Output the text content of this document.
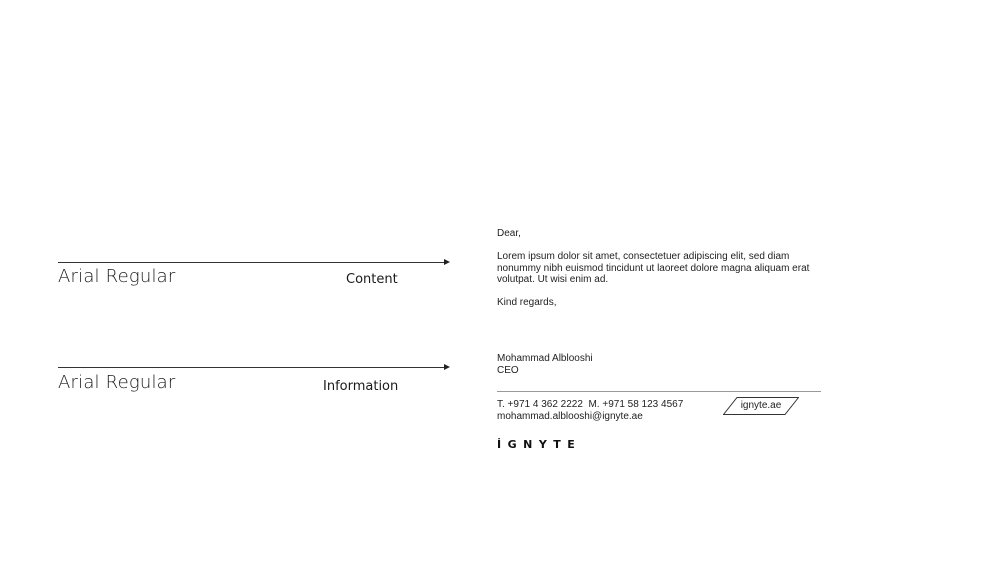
Arial Regular	Content
Arial Regular	Information
Dear,
Lorem ipsum dolor sit amet, consectetuer adipiscing elit, sed diam
nonummy nibh euismod tincidunt ut laoreet dolore magna aliquam erat
volutpat. Ut wisi enim ad.
Kind regards,
Mohammad Alblooshi
CEO
T. +971 4 362 2222  M. +971 58 123 4567
mohammad.alblooshi@ignyte.ae
ignyte.ae
İGNYTE
